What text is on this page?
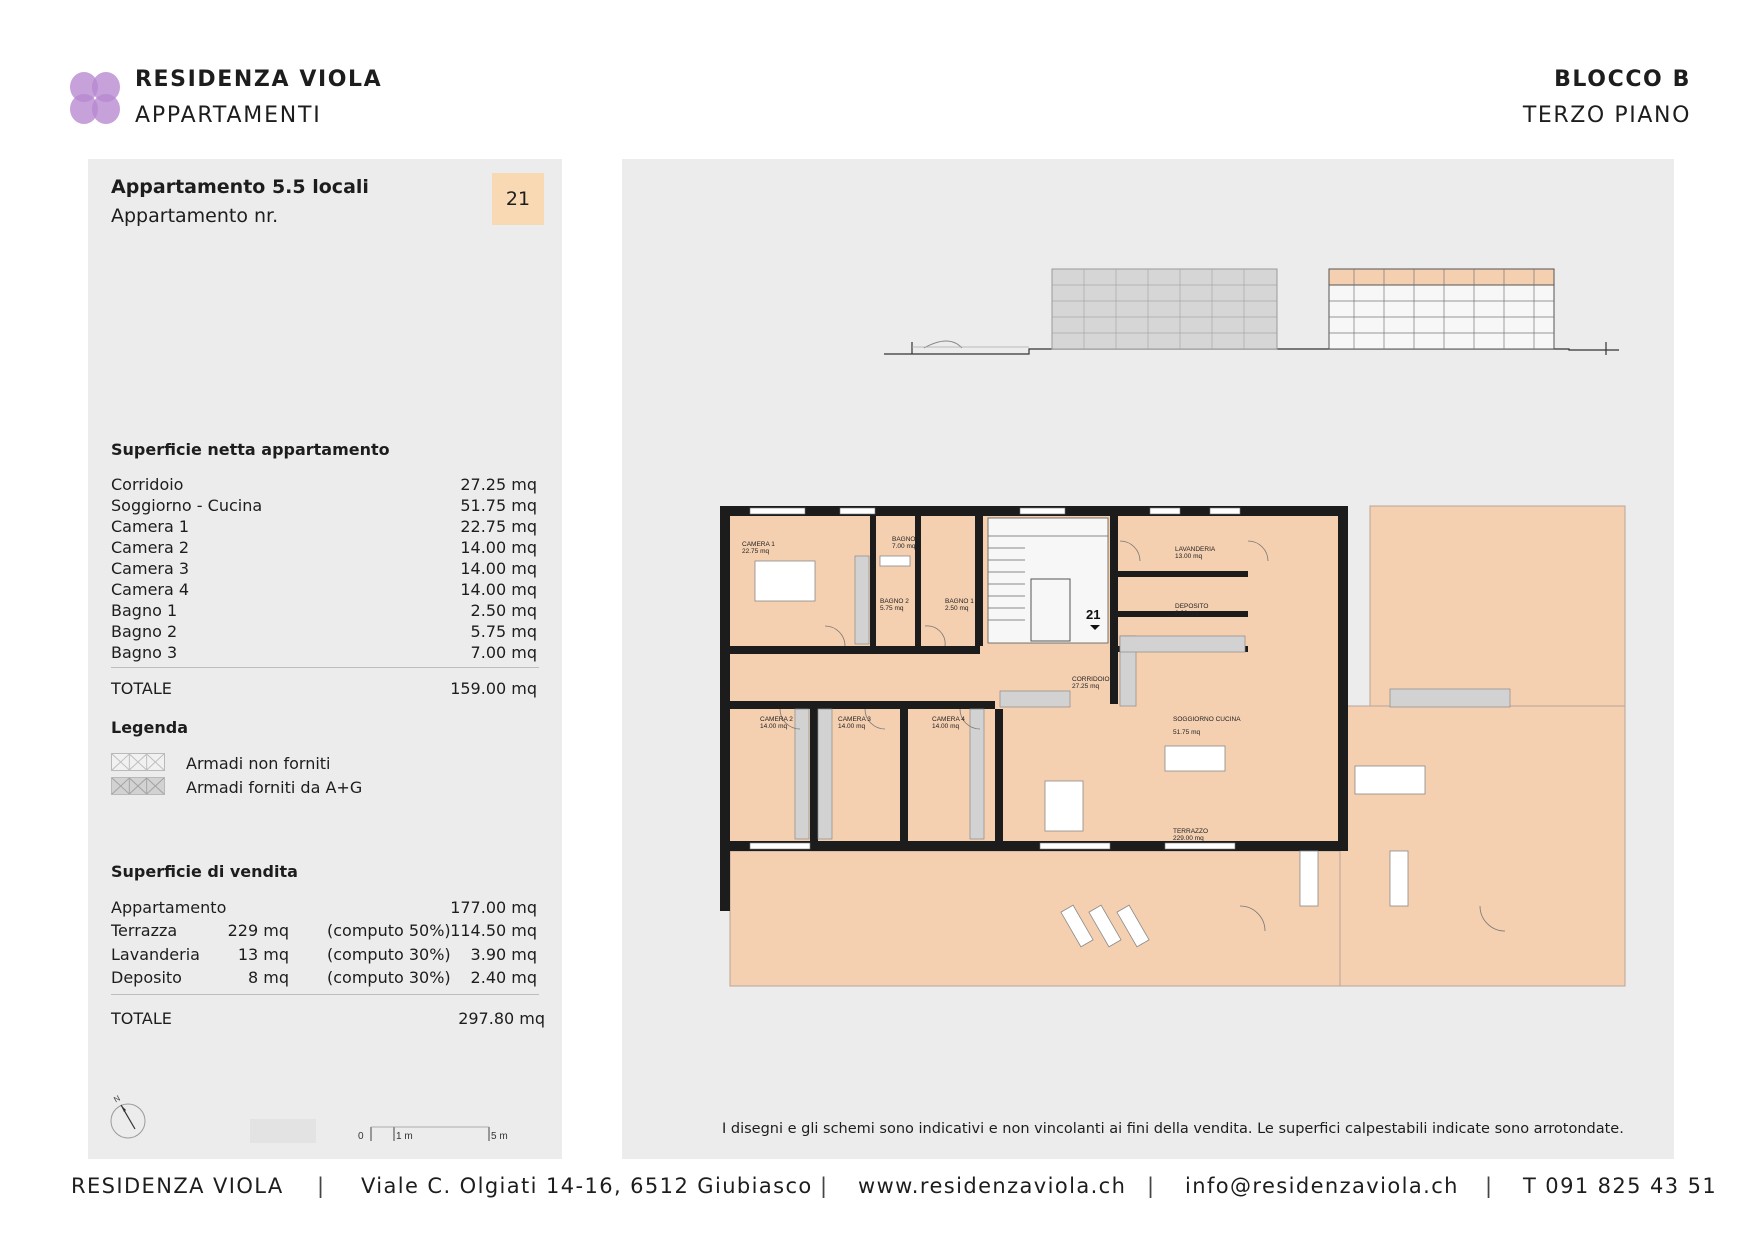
RESIDENZA VIOLA
APPARTAMENTI
BLOCCO B
TERZO PIANO
Appartamento 5.5 locali
Appartamento nr.
21
Superficie netta appartamento
Corridoio	27.25 mq
Soggiorno - Cucina	51.75 mq
Camera 1	22.75 mq
Camera 2	14.00 mq
Camera 3	14.00 mq
Camera 4	14.00 mq
Bagno 1	2.50 mq
Bagno 2	5.75 mq
Bagno 3	7.00 mq
TOTALE	159.00 mq
Legenda
Armadi non forniti
Armadi forniti da A+G
Superficie di vendita
Appartamento	177.00 mq
Terrazza	229 mq (computo 50%) 114.50 mq
Lavanderia 13 mq (computo 30%) 3.90 mq
Deposito	8 mq (computo 30%) 2.40 mq
TOTALE	297.80 mq
N
0	1 m	5 m
CAMERA 1
22.75 mq
BAGNO 3
7.00 mq
BAGNO 2
5.75 mq
BAGNO 1
2.50 mq
LAVANDERIA
13.00 mq
DEPOSITO
8.00 mq
CORRIDOIO
27.25 mq
CAMERA 2
14.00 mq
CAMERA 3
14.00 mq
CAMERA 4
14.00 mq
SOGGIORNO CUCINA
51.75 mq
TERRAZZO
229.00 mq
21
I disegni e gli schemi sono indicativi e non vincolanti ai fini della vendita. Le superfici calpestabili indicate sono arrotondate.
RESIDENZA VIOLA | Viale C. Olgiati 14-16, 6512 Giubiasco | www.residenzaviola.ch | info@residenzaviola.ch | T 091 825 43 51
